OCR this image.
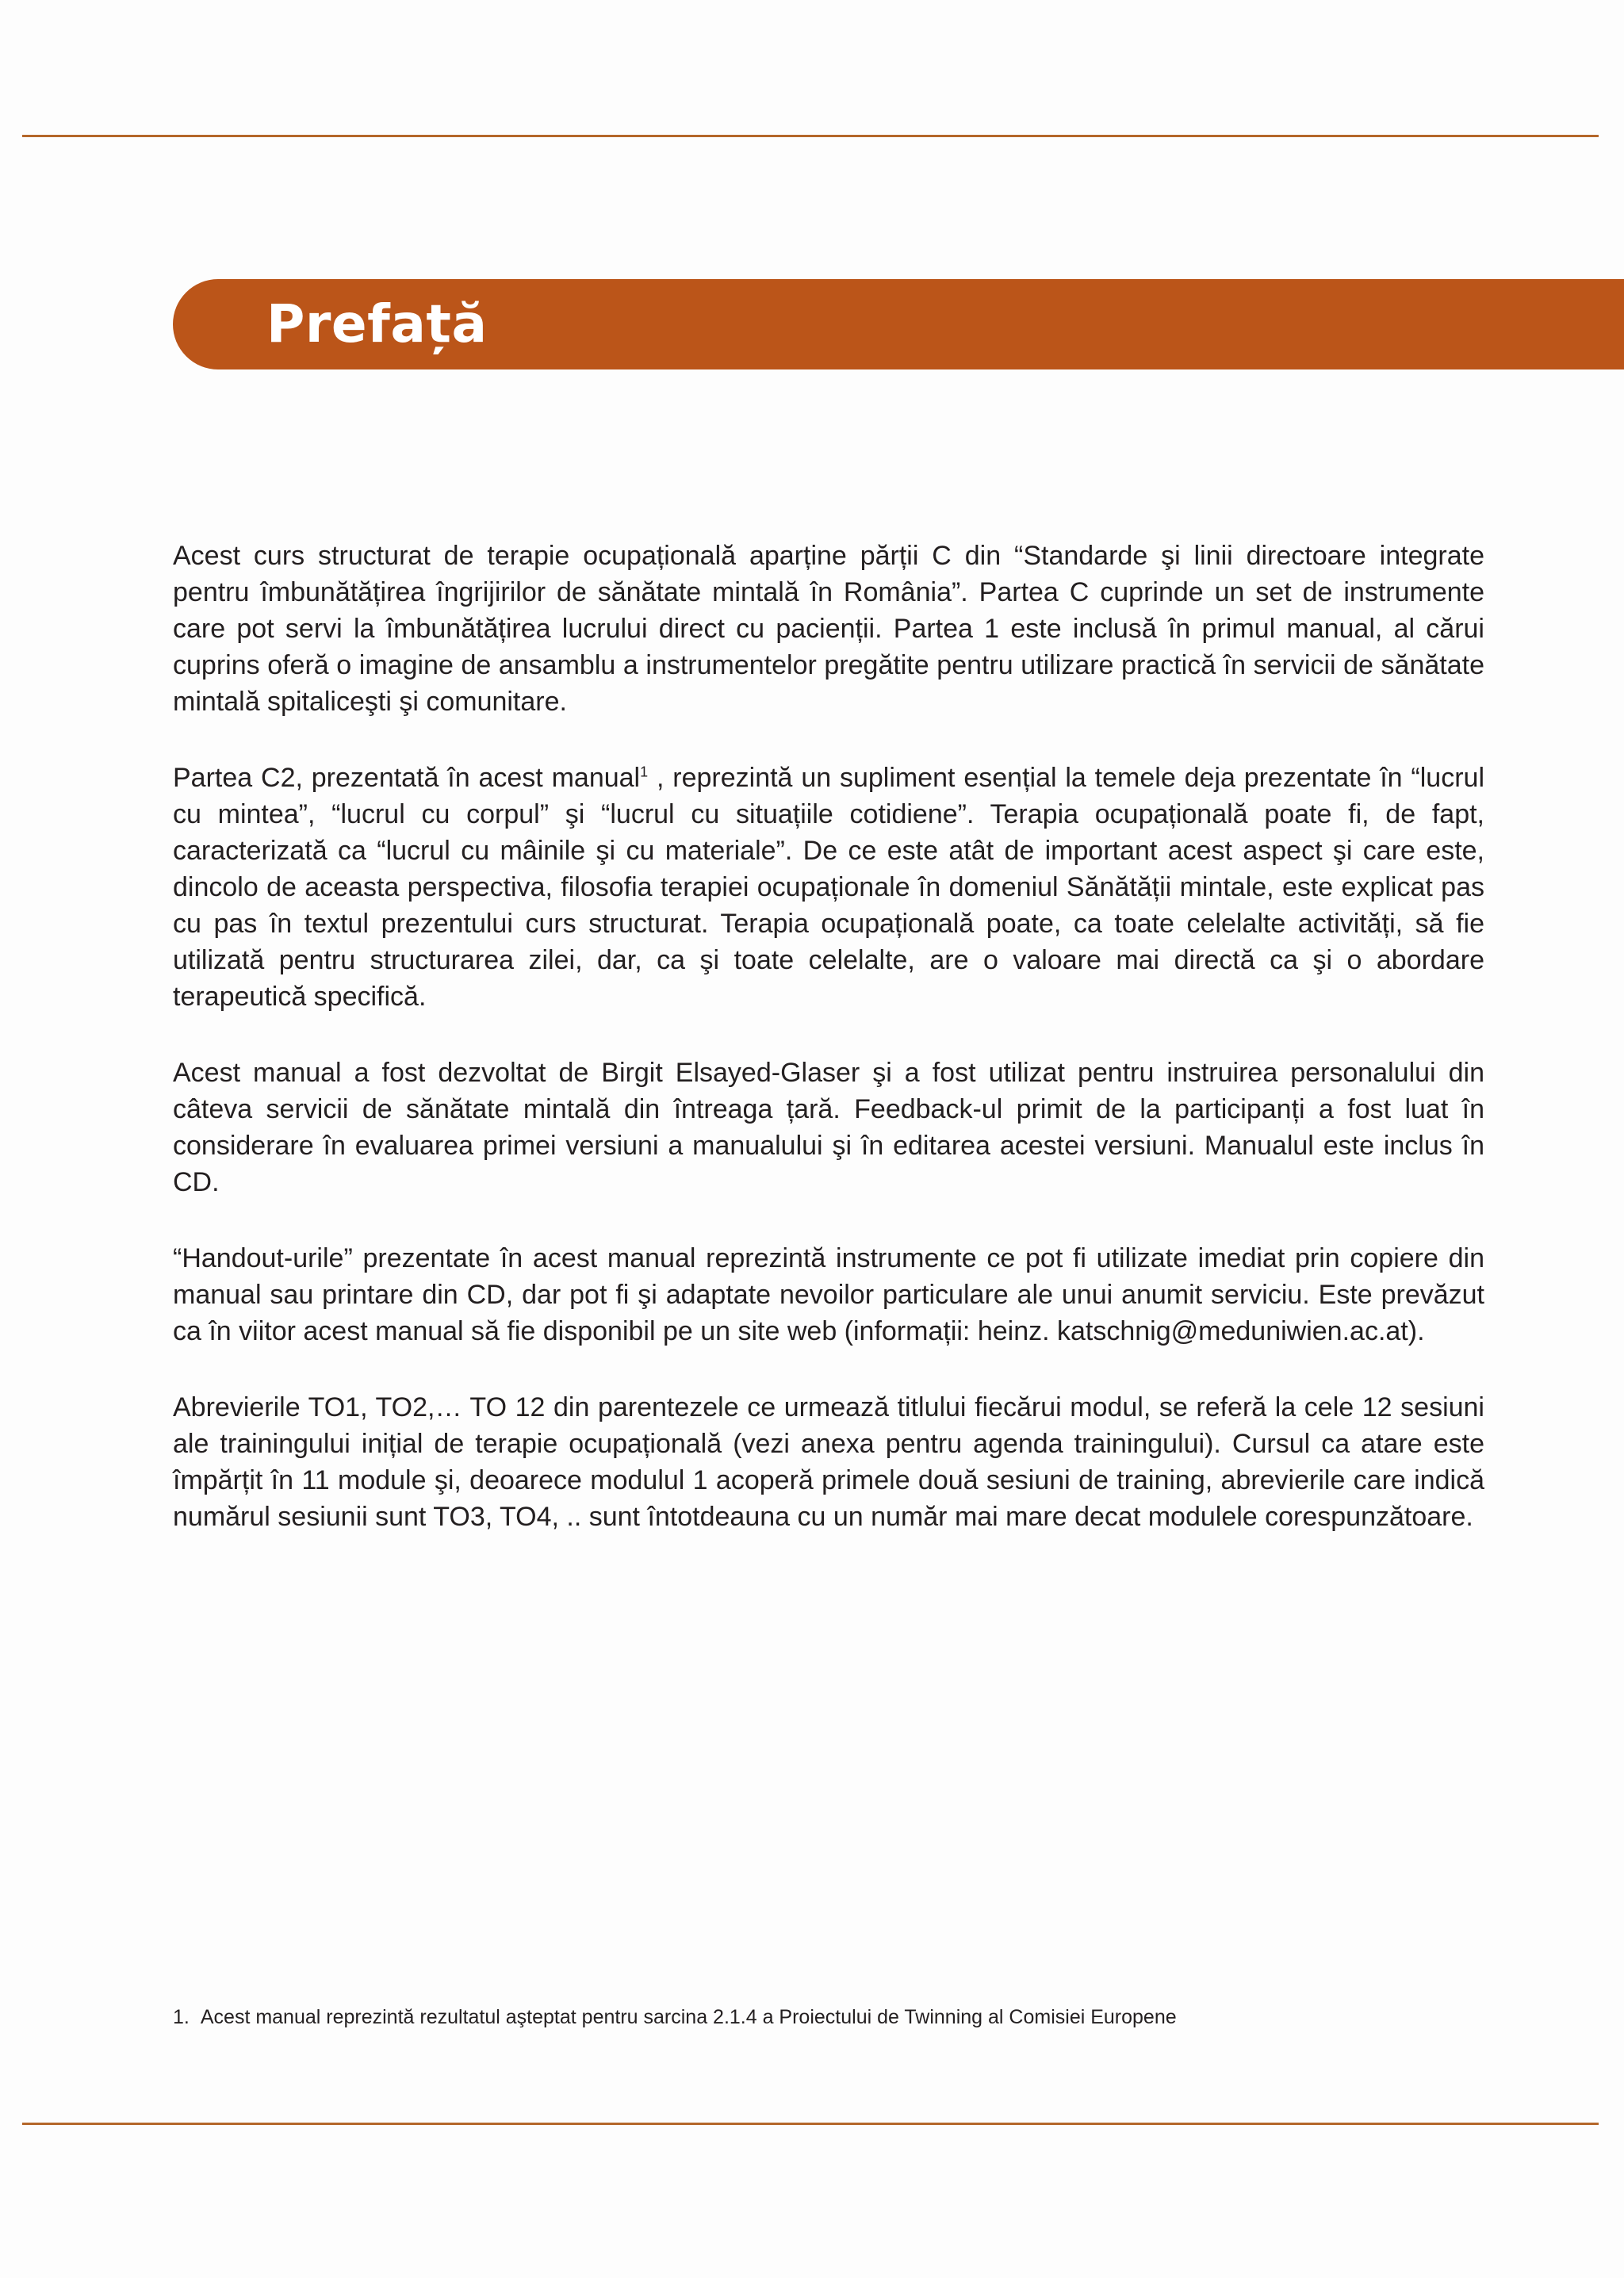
Prefață

Acest curs structurat de terapie ocupațională aparține părții C din “Standarde şi linii directoare integrate pentru îmbunătățirea îngrijirilor de sănătate mintală în România”. Partea C cuprinde un set de instrumente care pot servi la îmbunătățirea lucrului direct cu pacienții. Partea 1 este inclusă în primul manual, al cărui cuprins oferă o imagine de ansamblu a instrumentelor pregătite pentru utilizare practică în servicii de sănătate mintală spitaliceşti şi comunitare.

Partea C2, prezentată în acest manual$^1$ , reprezintă un supliment esențial la temele deja prezentate în “lucrul cu mintea”, “lucrul cu corpul” şi “lucrul cu situațiile cotidiene”. Terapia ocupațională poate fi, de fapt, caracterizată ca “lucrul cu mâinile şi cu materiale”. De ce este atât de important acest aspect şi care este, dincolo de aceasta perspectiva, filosofia terapiei ocupaționale în domeniul Sănătății mintale, este explicat pas cu pas în textul prezentului curs structurat. Terapia ocupațională poate, ca toate celelalte activități, să fie utilizată pentru structurarea zilei, dar, ca şi toate celelalte, are o valoare mai directă ca şi o abordare terapeutică specifică.

Acest manual a fost dezvoltat de Birgit Elsayed-Glaser şi a fost utilizat pentru instruirea personalului din câteva servicii de sănătate mintală din întreaga țară. Feedback-ul primit de la participanți a fost luat în considerare în evaluarea primei versiuni a manualului şi în editarea acestei versiuni. Manualul este inclus în CD.

“Handout-urile” prezentate în acest manual reprezintă instrumente ce pot fi utilizate imediat prin copiere din manual sau printare din CD, dar pot fi şi adaptate nevoilor particulare ale unui anumit serviciu. Este prevăzut ca în viitor acest manual să fie disponibil pe un site web (informații: heinz. katschnig@meduniwien.ac.at).

Abrevierile TO1, TO2,… TO 12 din parentezele ce urmează titlului fiecărui modul, se referă la cele 12 sesiuni ale trainingului inițial de terapie ocupațională (vezi anexa pentru agenda trainingului). Cursul ca atare este împărțit în 11 module şi, deoarece modulul 1 acoperă primele două sesiuni de training, abrevierile care indică numărul sesiunii sunt TO3, TO4, .. sunt întotdeauna cu un număr mai mare decat modulele corespunzătoare.

1. Acest manual reprezintă rezultatul aşteptat pentru sarcina 2.1.4 a Proiectului de Twinning al Comisiei Europene
